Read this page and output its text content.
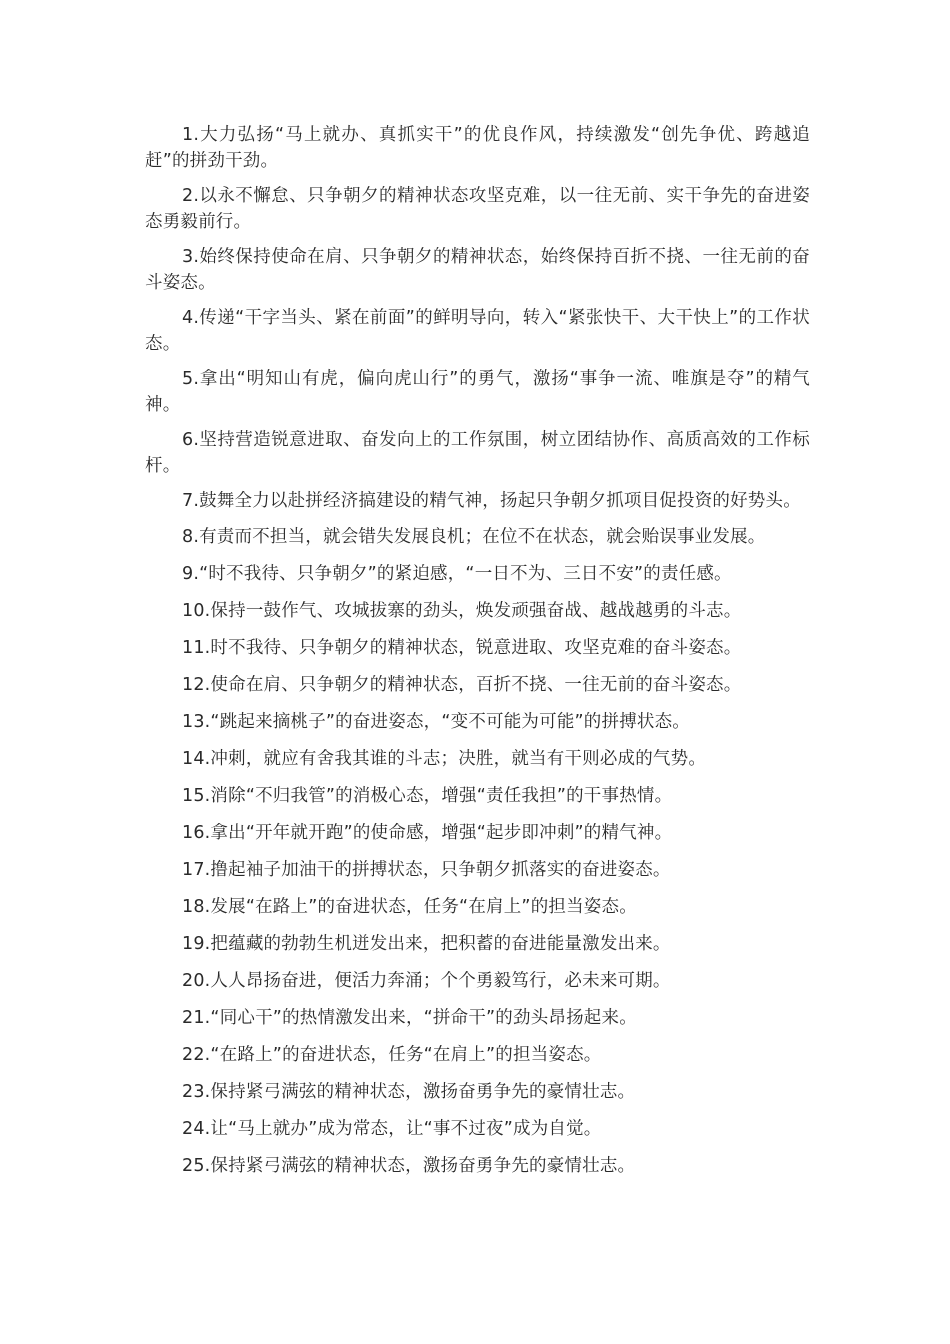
1.大力弘扬“马上就办、真抓实干”的优良作风，持续激发“创先争优、跨越追赶”的拼劲干劲。

2.以永不懈怠、只争朝夕的精神状态攻坚克难，以一往无前、实干争先的奋进姿态勇毅前行。

3.始终保持使命在肩、只争朝夕的精神状态，始终保持百折不挠、一往无前的奋斗姿态。

4.传递“干字当头、紧在前面”的鲜明导向，转入“紧张快干、大干快上”的工作状态。

5.拿出“明知山有虎，偏向虎山行”的勇气，激扬“事争一流、唯旗是夺”的精气神。

6.坚持营造锐意进取、奋发向上的工作氛围，树立团结协作、高质高效的工作标杆。

7.鼓舞全力以赴拼经济搞建设的精气神，扬起只争朝夕抓项目促投资的好势头。

8.有责而不担当，就会错失发展良机；在位不在状态，就会贻误事业发展。

9.“时不我待、只争朝夕”的紧迫感，“一日不为、三日不安”的责任感。

10.保持一鼓作气、攻城拔寨的劲头，焕发顽强奋战、越战越勇的斗志。

11.时不我待、只争朝夕的精神状态，锐意进取、攻坚克难的奋斗姿态。

12.使命在肩、只争朝夕的精神状态，百折不挠、一往无前的奋斗姿态。

13.“跳起来摘桃子”的奋进姿态，“变不可能为可能”的拼搏状态。

14.冲刺，就应有舍我其谁的斗志；决胜，就当有干则必成的气势。

15.消除“不归我管”的消极心态，增强“责任我担”的干事热情。

16.拿出“开年就开跑”的使命感，增强“起步即冲刺”的精气神。

17.撸起袖子加油干的拼搏状态，只争朝夕抓落实的奋进姿态。

18.发展“在路上”的奋进状态，任务“在肩上”的担当姿态。

19.把蕴藏的勃勃生机迸发出来，把积蓄的奋进能量激发出来。

20.人人昂扬奋进，便活力奔涌；个个勇毅笃行，必未来可期。

21.“同心干”的热情激发出来，“拼命干”的劲头昂扬起来。

22.“在路上”的奋进状态，任务“在肩上”的担当姿态。

23.保持紧弓满弦的精神状态，激扬奋勇争先的豪情壮志。

24.让“马上就办”成为常态，让“事不过夜”成为自觉。

25.保持紧弓满弦的精神状态，激扬奋勇争先的豪情壮志。
